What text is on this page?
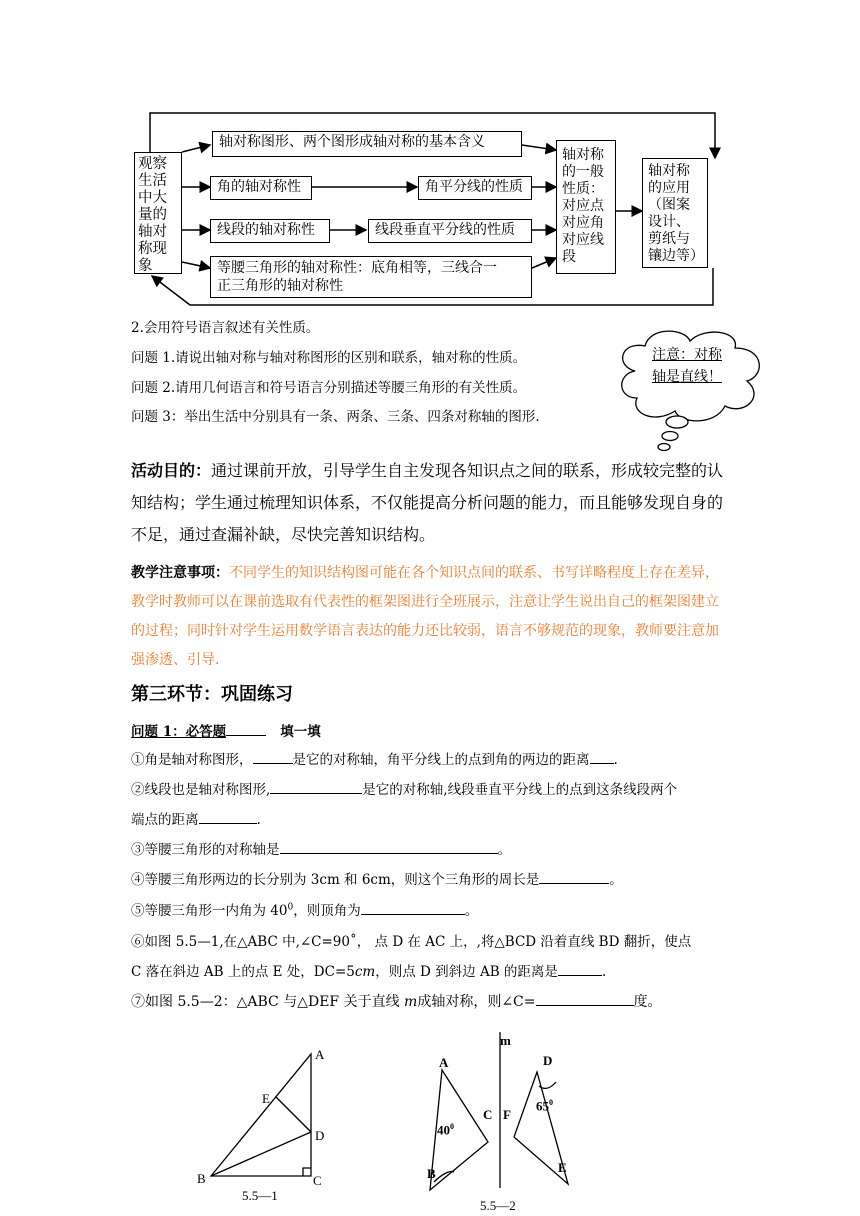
观察生活中大量的轴对称现象
轴对称图形、两个图形成轴对称的基本含义
角的轴对称性	角平分线的性质
线段的轴对称性	线段垂直平分线的性质
等腰三角形的轴对称性：底角相等，三线合一
正三角形的轴对称性
轴对称的一般性质：对应点对应角对应线段
轴对称的应用（图案设计、剪纸与镶边等）
2.会用符号语言叙述有关性质。
问题 1.请说出轴对称与轴对称图形的区别和联系，轴对称的性质。
问题 2.请用几何语言和符号语言分别描述等腰三角形的有关性质。
问题 3：举出生活中分别具有一条、两条、三条、四条对称轴的图形.
注意：对称
轴是直线！
活动目的：通过课前开放，引导学生自主发现各知识点之间的联系，形成较完整的认知结构；学生通过梳理知识体系，不仅能提高分析问题的能力，而且能够发现自身的不足，通过查漏补缺，尽快完善知识结构。
教学注意事项：不同学生的知识结构图可能在各个知识点间的联系、书写详略程度上存在差异，教学时教师可以在课前选取有代表性的框架图进行全班展示，注意让学生说出自己的框架图建立的过程；同时针对学生运用数学语言表达的能力还比较弱，语言不够规范的现象，教师要注意加强渗透、引导.
第三环节：巩固练习
问题 1：必答题	填一填
①角是轴对称图形，	是它的对称轴，角平分线上的点到角的两边的距离 .
②线段也是轴对称图形,	是它的对称轴,线段垂直平分线上的点到这条线段两个
端点的距离	.
③等腰三角形的对称轴是	。
④等腰三角形两边的长分别为 3cm 和 6cm，则这个三角形的周长是	。
⑤等腰三角形一内角为 $40^0$，则顶角为	。
⑥如图 5.5—1,在△ABC 中,∠C=90˚， 点 D 在 AC 上，,将△BCD 沿着直线 BD 翻折，使点
C 落在斜边 AB 上的点 E 处，DC=5cm，则点 D 到斜边 AB 的距离是	.
⑦如图 5.5—2：△ABC 与△DEF 关于直线 m成轴对称，则∠C=	度。
A
E
D
B	C
5.5—1
m
A
C F
D
E
B
$40^0$
$65^0$
5.5—2
